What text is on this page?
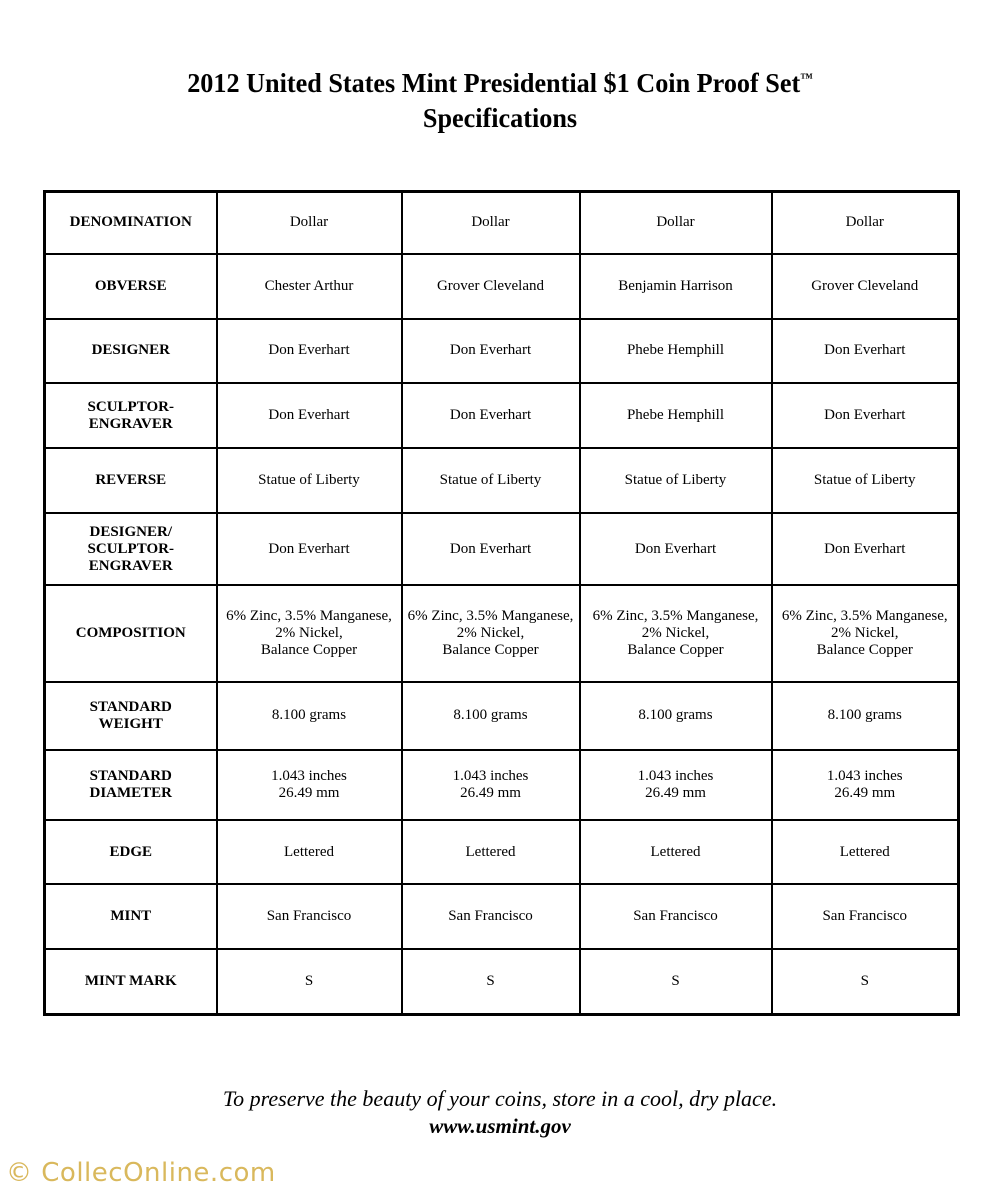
2012 United States Mint Presidential $1 Coin Proof Set™
Specifications
DENOMINATION	Dollar	Dollar	Dollar	Dollar

OBVERSE	Chester Arthur	Grover Cleveland	Benjamin Harrison	Grover Cleveland

DESIGNER	Don Everhart	Don Everhart	Phebe Hemphill	Don Everhart

SCULPTOR-
ENGRAVER	Don Everhart	Don Everhart	Phebe Hemphill	Don Everhart

REVERSE	Statue of Liberty	Statue of Liberty	Statue of Liberty	Statue of Liberty

DESIGNER/
SCULPTOR-
ENGRAVER	Don Everhart	Don Everhart	Don Everhart	Don Everhart

COMPOSITION	6% Zinc, 3.5% Manganese,
2% Nickel,
Balance Copper	6% Zinc, 3.5% Manganese,
2% Nickel,
Balance Copper	6% Zinc, 3.5% Manganese,
2% Nickel,
Balance Copper	6% Zinc, 3.5% Manganese,
2% Nickel,
Balance Copper

STANDARD
WEIGHT	8.100 grams	8.100 grams	8.100 grams	8.100 grams

STANDARD
DIAMETER	1.043 inches
26.49 mm	1.043 inches
26.49 mm	1.043 inches
26.49 mm	1.043 inches
26.49 mm

EDGE	Lettered	Lettered	Lettered	Lettered

MINT	San Francisco	San Francisco	San Francisco	San Francisco

MINT MARK	S	S	S	S
To preserve the beauty of your coins, store in a cool, dry place.
www.usmint.gov
© CollecOnline.com
